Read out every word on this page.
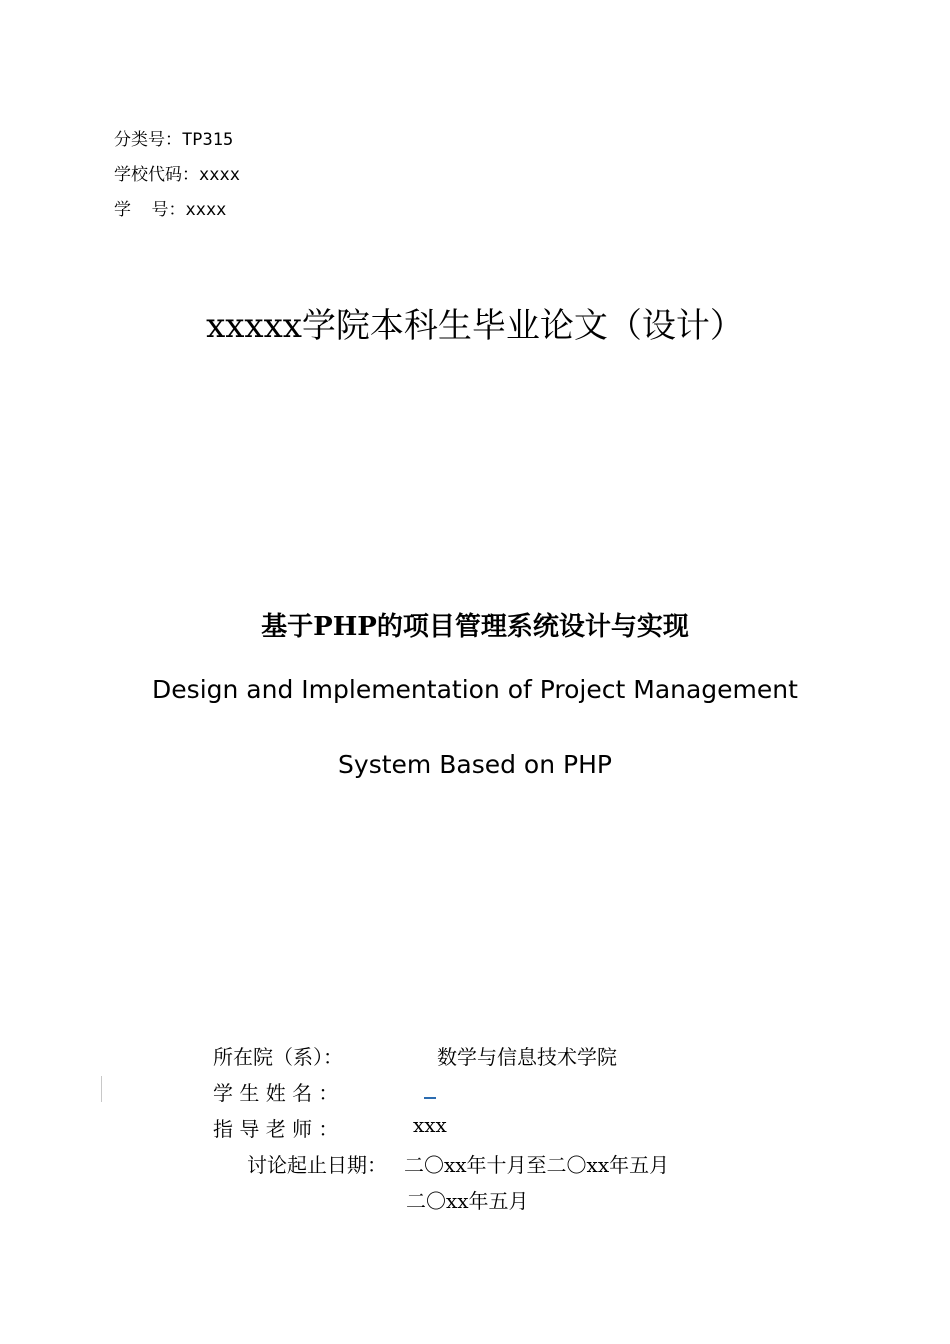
分类号：TP315
学校代码：xxxx
学  号：xxxx
xxxxx学院本科生毕业论文（设计）
基于PHP的项目管理系统设计与实现
Design and Implementation of Project Management
System Based on PHP
所在院（系）：	数学与信息技术学院
学 生 姓 名 ：
指 导 老 师 ：	xxx
讨论起止日期： 二〇xx年十月至二〇xx年五月
二〇xx年五月
